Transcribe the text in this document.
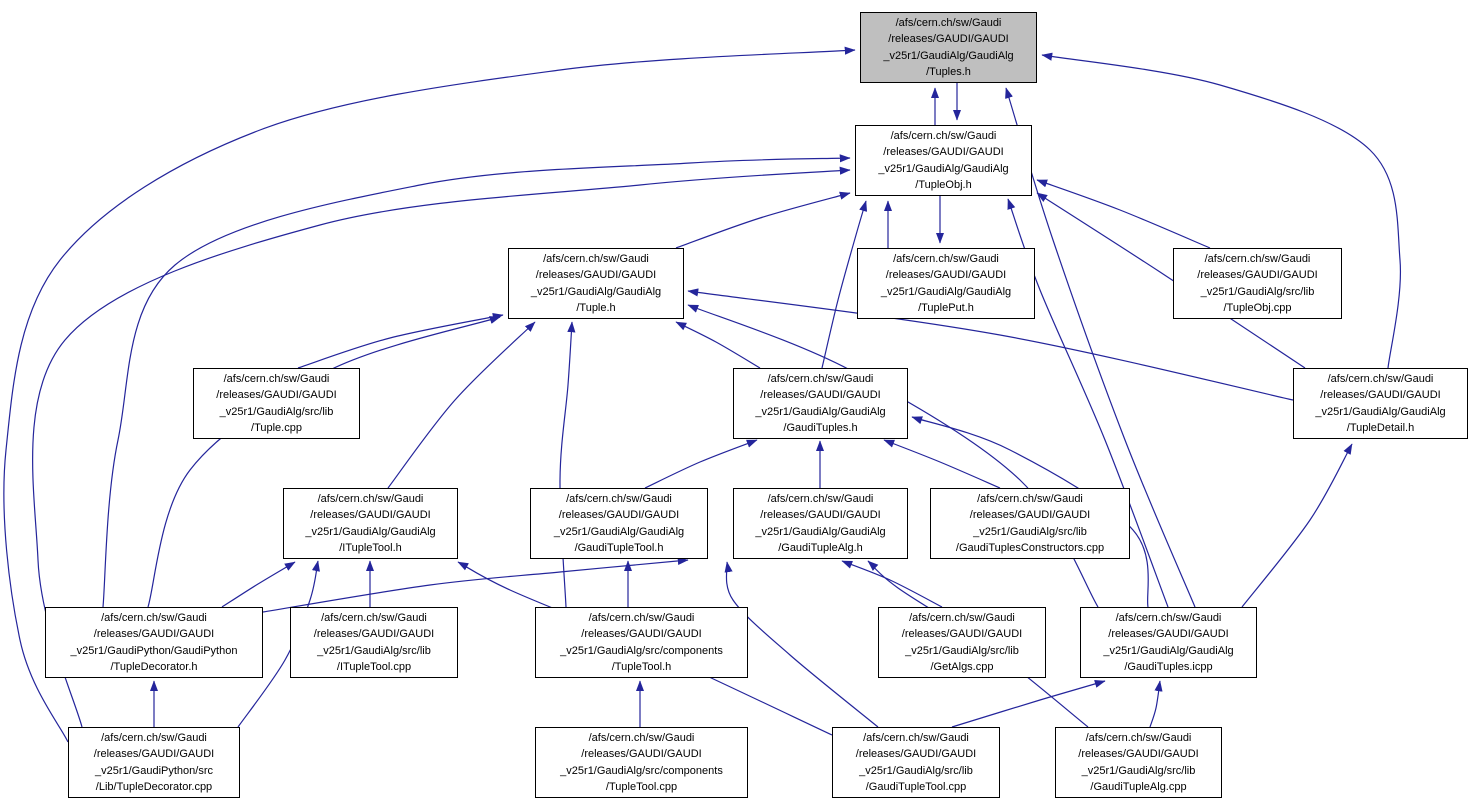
/afs/cern.ch/sw/Gaudi
/releases/GAUDI/GAUDI
_v25r1/GaudiAlg/GaudiAlg
/Tuples.h
/afs/cern.ch/sw/Gaudi
/releases/GAUDI/GAUDI
_v25r1/GaudiAlg/GaudiAlg
/TupleObj.h
/afs/cern.ch/sw/Gaudi
/releases/GAUDI/GAUDI
_v25r1/GaudiAlg/GaudiAlg
/Tuple.h
/afs/cern.ch/sw/Gaudi
/releases/GAUDI/GAUDI
_v25r1/GaudiAlg/GaudiAlg
/TuplePut.h
/afs/cern.ch/sw/Gaudi
/releases/GAUDI/GAUDI
_v25r1/GaudiAlg/src/lib
/TupleObj.cpp
/afs/cern.ch/sw/Gaudi
/releases/GAUDI/GAUDI
_v25r1/GaudiAlg/src/lib
/Tuple.cpp
/afs/cern.ch/sw/Gaudi
/releases/GAUDI/GAUDI
_v25r1/GaudiAlg/GaudiAlg
/GaudiTuples.h
/afs/cern.ch/sw/Gaudi
/releases/GAUDI/GAUDI
_v25r1/GaudiAlg/GaudiAlg
/TupleDetail.h
/afs/cern.ch/sw/Gaudi
/releases/GAUDI/GAUDI
_v25r1/GaudiAlg/GaudiAlg
/ITupleTool.h
/afs/cern.ch/sw/Gaudi
/releases/GAUDI/GAUDI
_v25r1/GaudiAlg/GaudiAlg
/GaudiTupleTool.h
/afs/cern.ch/sw/Gaudi
/releases/GAUDI/GAUDI
_v25r1/GaudiAlg/GaudiAlg
/GaudiTupleAlg.h
/afs/cern.ch/sw/Gaudi
/releases/GAUDI/GAUDI
_v25r1/GaudiAlg/src/lib
/GaudiTuplesConstructors.cpp
/afs/cern.ch/sw/Gaudi
/releases/GAUDI/GAUDI
_v25r1/GaudiPython/GaudiPython
/TupleDecorator.h
/afs/cern.ch/sw/Gaudi
/releases/GAUDI/GAUDI
_v25r1/GaudiAlg/src/lib
/ITupleTool.cpp
/afs/cern.ch/sw/Gaudi
/releases/GAUDI/GAUDI
_v25r1/GaudiAlg/src/components
/TupleTool.h
/afs/cern.ch/sw/Gaudi
/releases/GAUDI/GAUDI
_v25r1/GaudiAlg/src/lib
/GetAlgs.cpp
/afs/cern.ch/sw/Gaudi
/releases/GAUDI/GAUDI
_v25r1/GaudiAlg/GaudiAlg
/GaudiTuples.icpp
/afs/cern.ch/sw/Gaudi
/releases/GAUDI/GAUDI
_v25r1/GaudiPython/src
/Lib/TupleDecorator.cpp
/afs/cern.ch/sw/Gaudi
/releases/GAUDI/GAUDI
_v25r1/GaudiAlg/src/components
/TupleTool.cpp
/afs/cern.ch/sw/Gaudi
/releases/GAUDI/GAUDI
_v25r1/GaudiAlg/src/lib
/GaudiTupleTool.cpp
/afs/cern.ch/sw/Gaudi
/releases/GAUDI/GAUDI
_v25r1/GaudiAlg/src/lib
/GaudiTupleAlg.cpp
